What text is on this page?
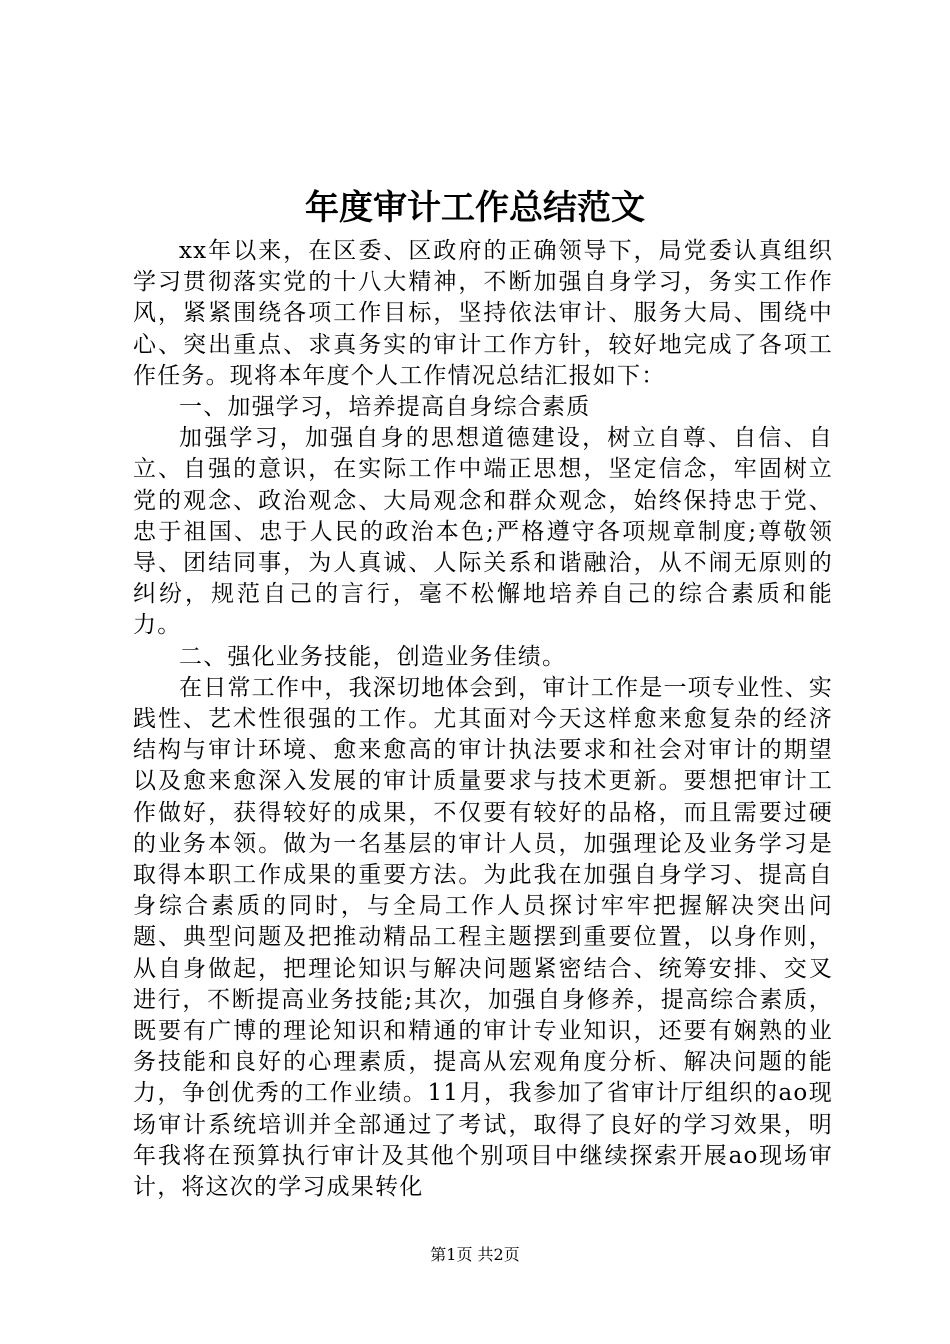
年度审计工作总结范文

xx年以来，在区委、区政府的正确领导下，局党委认真组织学习贯彻落实党的十八大精神，不断加强自身学习，务实工作作风，紧紧围绕各项工作目标，坚持依法审计、服务大局、围绕中心、突出重点、求真务实的审计工作方针，较好地完成了各项工作任务。现将本年度个人工作情况总结汇报如下：

一、加强学习，培养提高自身综合素质

加强学习，加强自身的思想道德建设，树立自尊、自信、自立、自强的意识，在实际工作中端正思想，坚定信念，牢固树立党的观念、政治观念、大局观念和群众观念，始终保持忠于党、忠于祖国、忠于人民的政治本色;严格遵守各项规章制度;尊敬领导、团结同事，为人真诚、人际关系和谐融洽，从不闹无原则的纠纷，规范自己的言行，毫不松懈地培养自己的综合素质和能力。

二、强化业务技能，创造业务佳绩。

在日常工作中，我深切地体会到，审计工作是一项专业性、实践性、艺术性很强的工作。尤其面对今天这样愈来愈复杂的经济结构与审计环境、愈来愈高的审计执法要求和社会对审计的期望以及愈来愈深入发展的审计质量要求与技术更新。要想把审计工作做好，获得较好的成果，不仅要有较好的品格，而且需要过硬的业务本领。做为一名基层的审计人员，加强理论及业务学习是取得本职工作成果的重要方法。为此我在加强自身学习、提高自身综合素质的同时，与全局工作人员探讨牢牢把握解决突出问题、典型问题及把推动精品工程主题摆到重要位置，以身作则，从自身做起，把理论知识与解决问题紧密结合、统筹安排、交叉进行，不断提高业务技能;其次，加强自身修养，提高综合素质，既要有广博的理论知识和精通的审计专业知识，还要有娴熟的业务技能和良好的心理素质，提高从宏观角度分析、解决问题的能力，争创优秀的工作业绩。11月，我参加了省审计厅组织的ao现场审计系统培训并全部通过了考试，取得了良好的学习效果，明年我将在预算执行审计及其他个别项目中继续探索开展ao现场审计，将这次的学习成果转化

第1页 共2页
